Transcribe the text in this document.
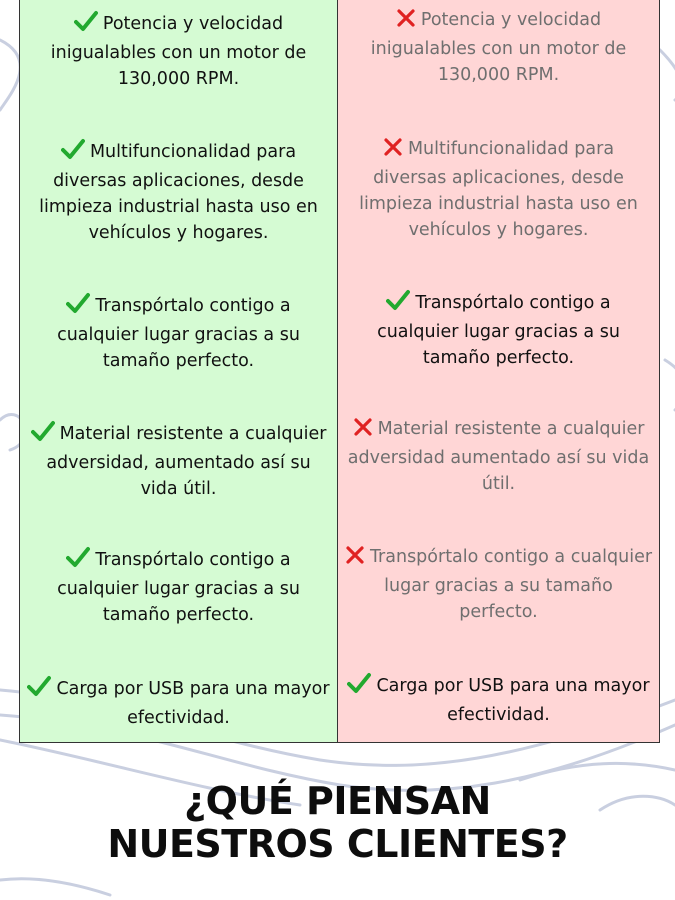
Potencia y velocidad inigualables con un motor de 130,000 RPM.
Multifuncionalidad para diversas aplicaciones, desde limpieza industrial hasta uso en vehículos y hogares.
Transpórtalo contigo a cualquier lugar gracias a su tamaño perfecto.
Material resistente a cualquier adversidad, aumentado así su vida útil.
Transpórtalo contigo a cualquier lugar gracias a su tamaño perfecto.
Carga por USB para una mayor efectividad.
Potencia y velocidad inigualables con un motor de 130,000 RPM.
Multifuncionalidad para diversas aplicaciones, desde limpieza industrial hasta uso en vehículos y hogares.
Transpórtalo contigo a cualquier lugar gracias a su tamaño perfecto.
Material resistente a cualquier adversidad aumentado así su vida útil.
Transpórtalo contigo a cualquier lugar gracias a su tamaño perfecto.
Carga por USB para una mayor efectividad.
¿QUÉ PIENSAN
NUESTROS CLIENTES?
